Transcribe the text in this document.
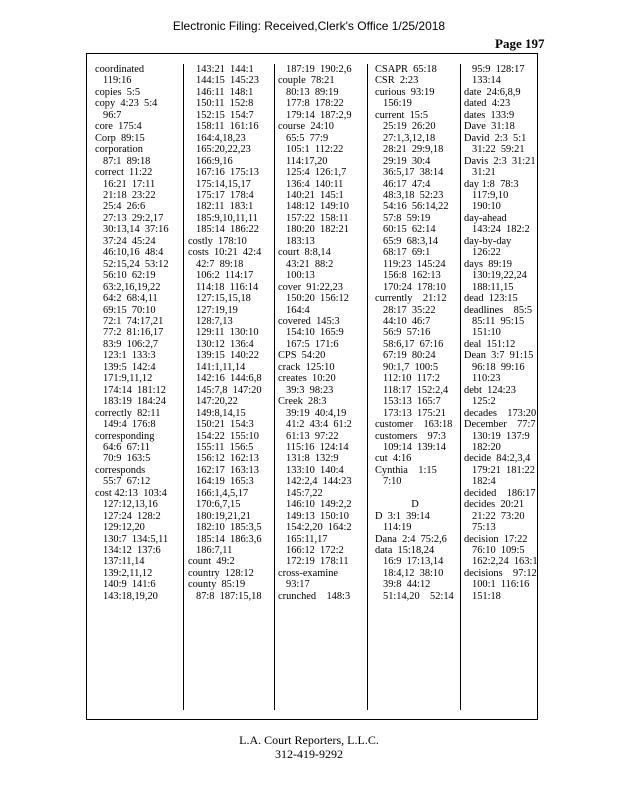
Electronic Filing: Received,Clerk's Office 1/25/2018
Page 197
coordinated
119:16
copies  5:5
copy  4:23  5:4
96:7
core  175:4
Corp  89:15
corporation
87:1  89:18
correct  11:22
16:21  17:11
21:18  23:22
25:4  26:6
27:13  29:2,17
30:13,14  37:16
37:24  45:24
46:10,16  48:4
52:15,24  53:12
56:10  62:19
63:2,16,19,22
64:2  68:4,11
69:15  70:10
72:1  74:17,21
77:2  81:16,17
83:9  106:2,7
123:1  133:3
139:5  142:4
171:9,11,12
174:14  181:12
183:19  184:24
correctly  82:11
149:4  176:8
corresponding
64:6  67:11
70:9  163:5
corresponds
55:7  67:12
cost 42:13  103:4
127:12,13,16
127:24  128:2
129:12,20
130:7  134:5,11
134:12  137:6
137:11,14
139:2,11,12
140:9  141:6
143:18,19,20
143:21  144:1
144:15  145:23
146:11  148:1
150:11  152:8
152:15  154:7
158:11  161:16
164:4,18,23
165:20,22,23
166:9,16
167:16  175:13
175:14,15,17
175:17  178:4
182:11  183:1
185:9,10,11,11
185:14  186:22
costly  178:10
costs  10:21  42:4
42:7  89:18
106:2  114:17
114:18  116:14
127:15,15,18
127:19,19
128:7,13
129:11  130:10
130:12  136:4
139:15  140:22
141:1,11,14
142:16  144:6,8
145:7,8  147:20
147:20,22
149:8,14,15
150:21  154:3
154:22  155:10
155:11  156:5
156:12  162:13
162:17  163:13
164:19  165:3
166:1,4,5,17
170:6,7,15
180:19,21,21
182:10  185:3,5
185:14  186:3,6
186:7,11
count  49:2
country  128:12
county  85:19
87:8  187:15,18
187:19  190:2,6
couple  78:21
80:13  89:19
177:8  178:22
179:14  187:2,9
course  24:10
65:5  77:9
105:1  112:22
114:17,20
125:4  126:1,7
136:4  140:11
140:21  145:1
148:12  149:10
157:22  158:11
180:20  182:21
183:13
court  8:8,14
43:21  88:2
100:13
cover  91:22,23
150:20  156:12
164:4
covered  145:3
154:10  165:9
167:5  171:6
CPS  54:20
crack  125:10
creates  10:20
39:3  98:23
Creek  28:3
39:19  40:4,19
41:2  43:4  61:2
61:13  97:22
115:16  124:14
131:8  132:9
133:10  140:4
142:2,4  144:23
145:7,22
146:10  149:2,2
149:13  150:10
154:2,20  164:2
165:11,17
166:12  172:2
172:19  178:11
cross-examine
93:17
crunched    148:3
CSAPR  65:18
CSR  2:23
curious  93:19
156:19
current  15:5
25:19  26:20
27:1,3,12,18
28:21  29:9,18
29:19  30:4
36:5,17  38:14
46:17  47:4
48:3,18  52:23
54:16  56:14,22
57:8  59:19
60:15  62:14
65:9  68:3,14
68:17  69:1
119:23  145:24
156:8  162:13
170:24  178:10
currently    21:12
28:17  35:22
44:10  46:7
56:9  57:16
58:6,17  67:16
67:19  80:24
90:1,7  100:5
112:10  117:2
118:17  152:2,4
153:13  165:7
173:13  175:21
customer    163:18
customers    97:3
109:14  139:14
cut  4:16
Cynthia    1:15
7:10

D
D  3:1  39:14
114:19
Dana  2:4  75:2,6
data  15:18,24
16:9  17:13,14
18:4,12  38:10
39:8  44:12
51:14,20    52:14
95:9  128:17
133:14
date  24:6,8,9
dated  4:23
dates  133:9
Dave  31:18
David  2:3  5:1
31:22  59:21
Davis  2:3  31:21
31:21
day 1:8  78:3
117:9,10
190:10
day-ahead
143:24  182:2
day-by-day
126:22
days  89:19
130:19,22,24
188:11,15
dead  123:15
deadlines    85:5
85:11  95:15
151:10
deal  151:12
Dean  3:7  91:15
96:18  99:16
110:23
debt  124:23
125:2
decades    173:20
December    77:7
130:19  137:9
182:20
decide  84:2,3,4
179:21  181:22
182:4
decided    186:17
decides  20:21
21:22  73:20
75:13
decision  17:22
76:10  109:5
162:2,24  163:1
decisions    97:12
100:1  116:16
151:18
L.A. Court Reporters, L.L.C.
312-419-9292
